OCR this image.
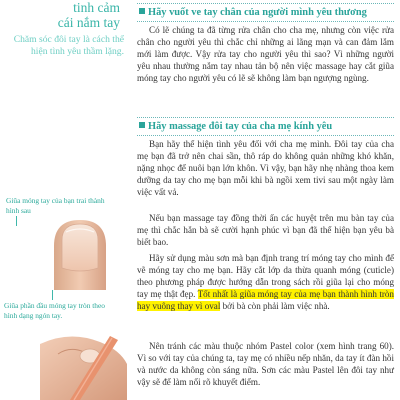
tinh cảm
cái nắm tay
Chăm sóc đôi tay là cách thể hiện tình yêu thầm lặng.
Giũa móng tay của bạn trai thành hình sau
Giũa phần đầu móng tay tròn theo hình dạng ngón tay.
Hãy vuốt ve tay chân của người mình yêu thương

Có lẽ chúng ta đã từng rửa chân cho cha mẹ, nhưng còn việc rửa chân cho người yêu thì chắc chỉ những ai lãng mạn và can đảm lắm mới làm được. Vậy rửa tay cho người yêu thì sao? Vì những người yêu nhau thường nắm tay nhau tản bộ nên việc massage hay cắt giũa móng tay cho người yêu có lẽ sẽ không làm bạn ngượng ngùng.

Hãy massage đôi tay của cha mẹ kính yêu

Bạn hãy thể hiện tình yêu đối với cha mẹ mình. Đôi tay của cha mẹ bạn đã trở nên chai sần, thô ráp do không quản những khó khăn, nặng nhọc để nuôi bạn lớn khôn. Vì vậy, bạn hãy nhẹ nhàng thoa kem dưỡng da tay cho mẹ bạn mỗi khi bà ngồi xem tivi sau một ngày làm việc vất vả.

Nếu bạn massage tay đồng thời ấn các huyệt trên mu bàn tay của mẹ thì chắc hẳn bà sẽ cười hạnh phúc vì bạn đã thể hiện bạn yêu bà biết bao.

Hãy sử dụng màu sơn mà bạn định trang trí móng tay cho mình để vẽ móng tay cho mẹ bạn. Hãy cắt lớp da thừa quanh móng (cuticle) theo phương pháp được hướng dẫn trong sách rồi giũa lại cho móng tay mẹ thật đẹp. Tốt nhất là giũa móng tay của mẹ bạn thành hình tròn hay vuông thay vì oval bởi bà còn phải làm việc nhà.

Nên tránh các màu thuộc nhóm Pastel color (xem hình trang 60). Vì so với tay của chúng ta, tay mẹ có nhiều nếp nhăn, da tay ít đàn hồi và nước da không còn sáng nữa. Sơn các màu Pastel lên đôi tay như vậy sẽ để làm nổi rõ khuyết điểm.
